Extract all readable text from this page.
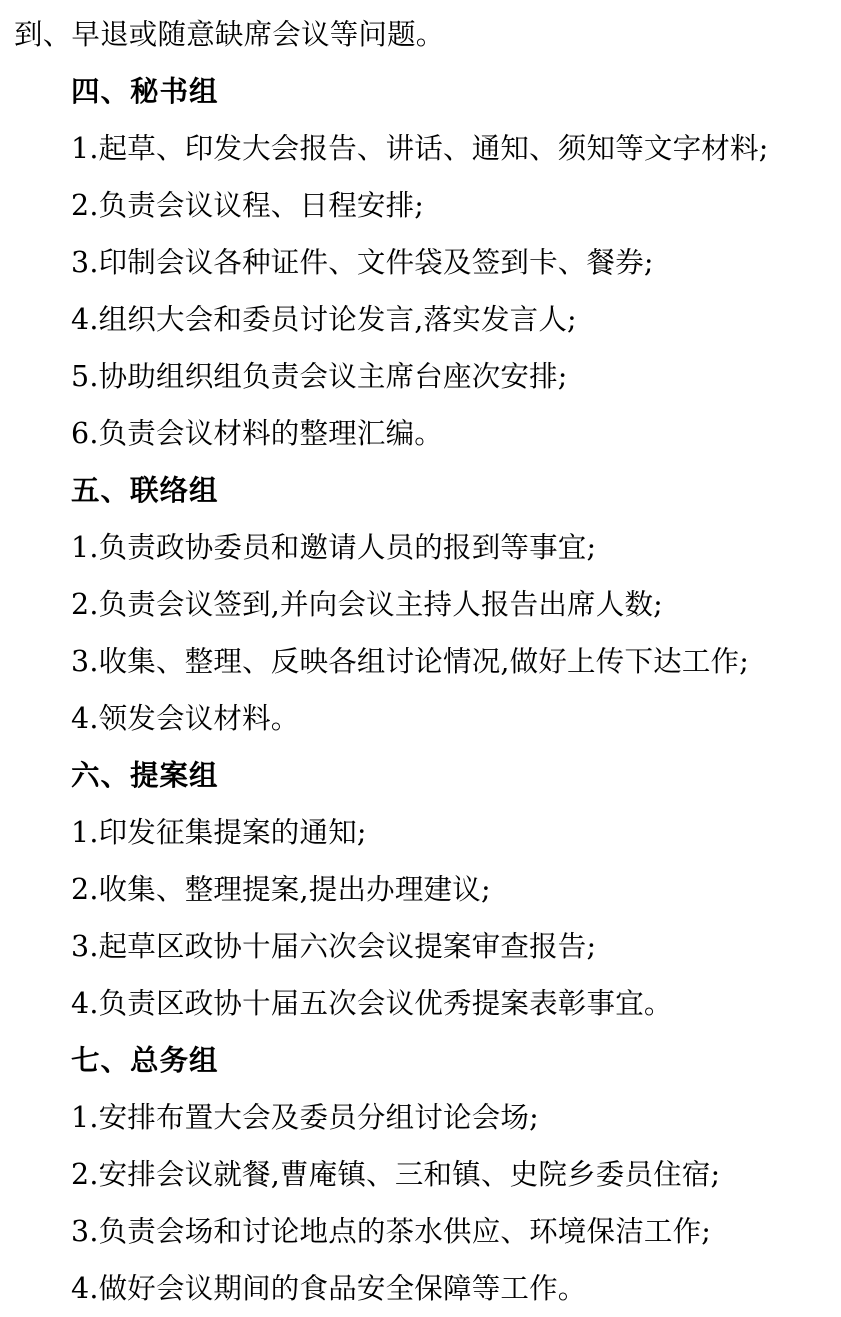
到、早退或随意缺席会议等问题。
四、秘书组
1.起草、印发大会报告、讲话、通知、须知等文字材料;
2.负责会议议程、日程安排;
3.印制会议各种证件、文件袋及签到卡、餐券;
4.组织大会和委员讨论发言,落实发言人;
5.协助组织组负责会议主席台座次安排;
6.负责会议材料的整理汇编。
五、联络组
1.负责政协委员和邀请人员的报到等事宜;
2.负责会议签到,并向会议主持人报告出席人数;
3.收集、整理、反映各组讨论情况,做好上传下达工作;
4.领发会议材料。
六、提案组
1.印发征集提案的通知;
2.收集、整理提案,提出办理建议;
3.起草区政协十届六次会议提案审查报告;
4.负责区政协十届五次会议优秀提案表彰事宜。
七、总务组
1.安排布置大会及委员分组讨论会场;
2.安排会议就餐,曹庵镇、三和镇、史院乡委员住宿;
3.负责会场和讨论地点的茶水供应、环境保洁工作;
4.做好会议期间的食品安全保障等工作。
